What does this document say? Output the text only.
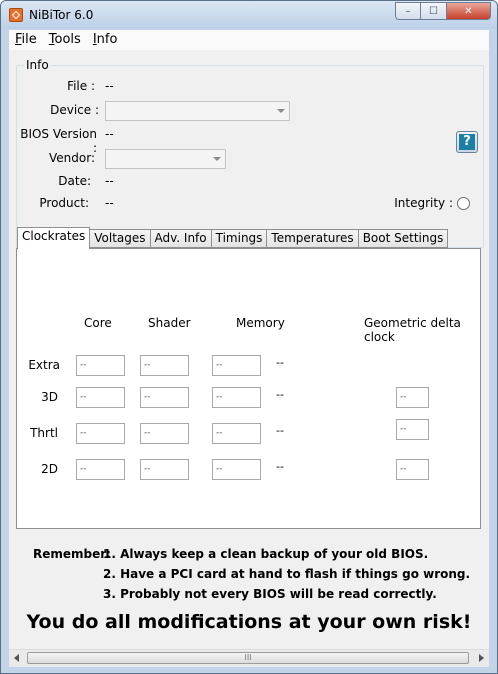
NiBiTor 6.0	–	☐	✕
File Tools Info
Info
File : --
Device :
BIOS Version :
--
Vendor:
Date: --
Product: --	Integrity :
?
Clockrates Voltages Adv. Info Timings Temperatures Boot Settings
Core	Shader	Memory	Geometric delta clock
Extra	--	--	--	--
3D	--	--	--	--	--
Thrtl	--	--	--	--	--
2D	--	--	--	--	--
Remember:
1. Always keep a clean backup of your old BIOS.
2. Have a PCI card at hand to flash if things go wrong.
3. Probably not every BIOS will be read correctly.
You do all modifications at your own risk!
III
